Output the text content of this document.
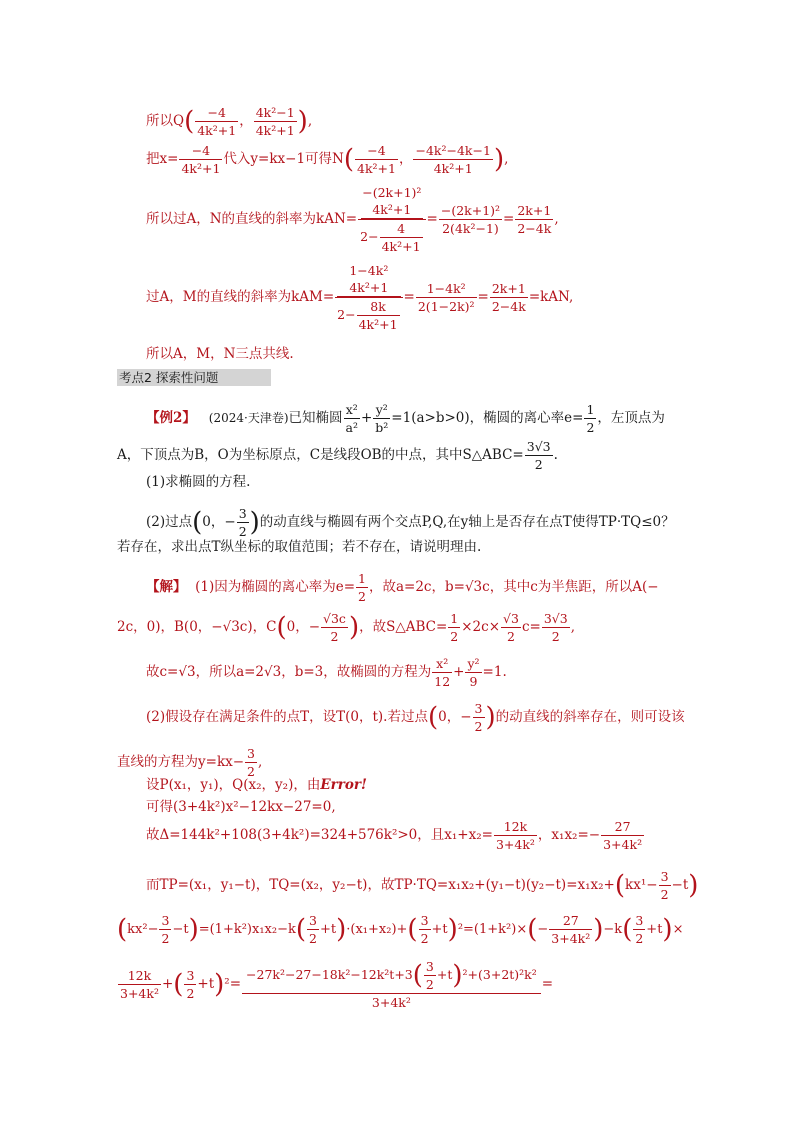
所以$Q( \frac{-4}{\text{4k²+1}}$ ， $\frac{\text{4k²−1}}{\text{4k²+1}}$ ),
把$x= \frac{-4}{\text{4k²+1}}$ 代入y=kx−1可得$N( \frac{-4}{\text{4k²+1}}$ ， $\frac{\text{−4k²−4k−1}}{\text{4k²+1}}$ ),
所以过A，N的直线的斜率为kAN=
−(2k+1)²

4k²+1
$2- \frac{4}{\text{4k²+1}}$
= $\frac{\text{−(2k+1)²}}{\text{2(4k²−1)}} = \frac{2k+1}{2-4k}$ ,
过A，M的直线的斜率为kAM=
1−4k²

4k²+1
$2- \frac{8k}{\text{4k²+1}}$
= $\frac{\text{1−4k²}}{\text{2(1−2k)²}} = \frac{2k+1}{2-4k} =kAN$,
所以A，M，N三点共线.
考点2 探索性问题
【例2】 (2024·天津卷)已知椭圆 $\frac{\text{x²}}{\text{a²}} + \frac{\text{y²}}{\text{b²}} =1(a>b>0)$，椭圆的离心率$e= \frac{1}{2}$ ，左顶点为
A，下顶点为B，O为坐标原点，C是线段OB的中点，其中S△ABC= $\frac{3√3}{2}$ .
(1)求椭圆的方程.
(2)过点(0，− $\frac{3}{2}$ )的动直线与椭圆有两个交点P,Q,在y轴上是否存在点T使得TP·TQ≤0？
若存在，求出点T纵坐标的取值范围；若不存在，请说明理由.
【解】 (1)因为椭圆的离心率为$e= \frac{1}{2}$ ，故a=2c，b=√3c，其中c为半焦距，所以A(−
2c，0)，B(0，−√3c)，C(0，− $\frac{√3c}{2}$ )，故S△ABC= $\frac{1}{2} \times 2c\times \frac{√3}{2} c= \frac{3√3}{2}$ ,
故c=√3，所以a=2√3，b=3，故椭圆的方程为 $\frac{\text{x²}}{12} + \frac{\text{y²}}{9} =1$.
(2)假设存在满足条件的点T，设T(0，t).若过点(0，− $\frac{3}{2}$ )的动直线的斜率存在，则可设该
直线的方程为$y=kx- \frac{3}{2}$ ,
设P(x₁，y₁)，Q(x₂，y₂)，由Error!
可得(3+4k²)x²−12kx−27=0,
故Δ=144k²+108(3+4k²)=324+576k²>0，且$x_1+x_2= \frac{12k}{\text{3+4k²}}$ ，$x_1x_2=- \frac{27}{\text{3+4k²}}$
而TP=(x₁，y₁−t)，TQ=(x₂，y₂−t)，故$TP\cdot TQ=x_1x_2+(y_1-t)(y_2-t)=x_1x_2+(kx^1- \frac{3}{2} -t)$
$(kx^2- \frac{3}{2} -t)=(1+k^2)x_1x_2-k( \frac{3}{2} +t)\cdot(x_1+x_2)+( \frac{3}{2} +t)^2=(1+k^2)\times(- \frac{27}{\text{3+4k²}} )-k( \frac{3}{2} +t)\times$
$\frac{12k}{\text{3+4k²}}$ +( $\frac{3}{2} +t)^2= \frac{-27k^2-27-18k^2-12k^2t+3( \frac{3}{2} +t)^2+(3+2t)^2k^2}{\text{3+4k²}}$ =
